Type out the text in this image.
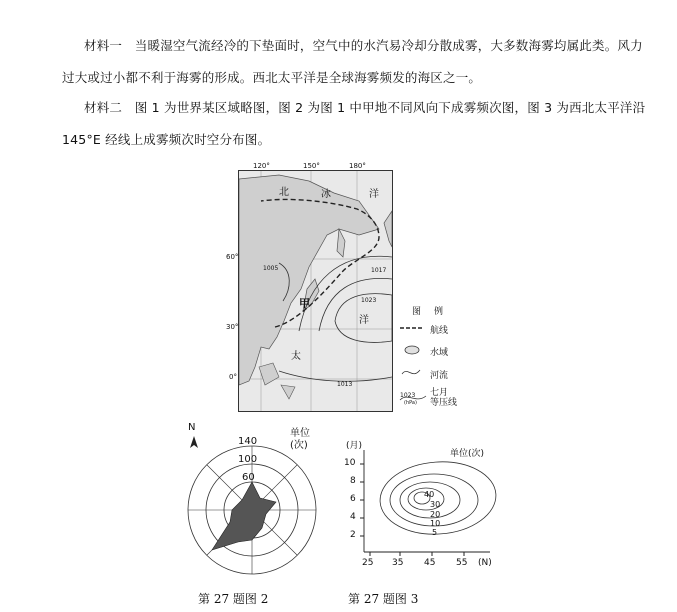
材料一　当暖湿空气流经冷的下垫面时，空气中的水汽易冷却分散成雾，大多数海雾均属此类。风力
过大或过小都不利于海雾的形成。西北太平洋是全球海雾频发的海区之一。
材料二　图 1 为世界某区域略图，图 2 为图 1 中甲地不同风向下成雾频次图，图 3 为西北太平洋沿
145°E 经线上成雾频次时空分布图。
120°	150°	180°
60°
30°
0°
北	冰	洋
甲
太
洋
1005	1017
1023
1013
图　例
航线
水域
河流
七月
等压线
1023
(hPa)
N
单位
(次)
140
100
60
(月)
单位(次)
10
8
6
4
2
25 35 45 55 (N)
40
30
20
10
5
第 27 题图 2	第 27 题图 3
